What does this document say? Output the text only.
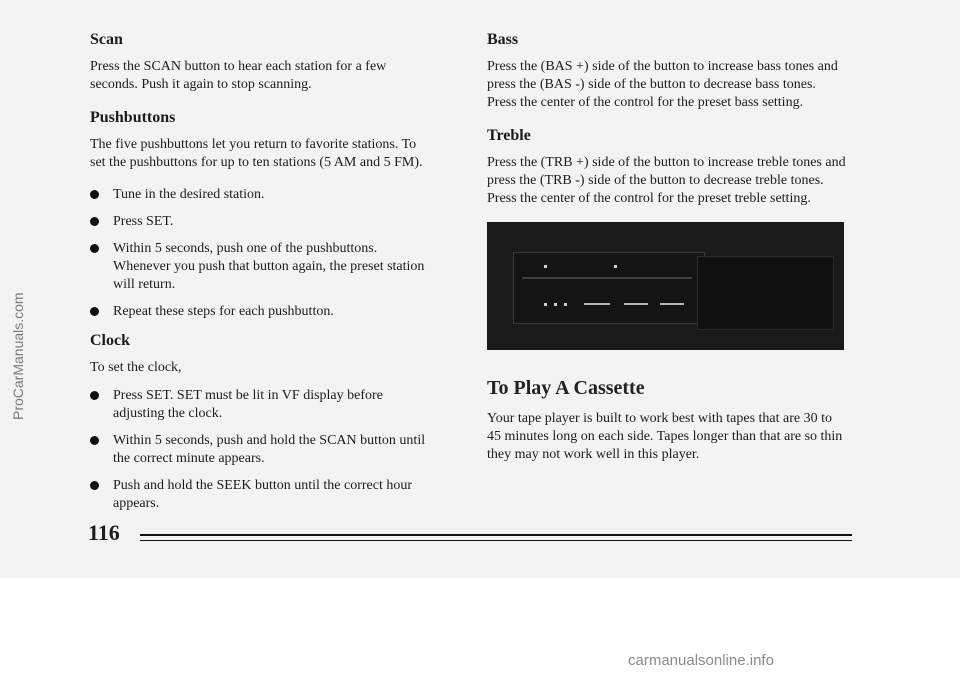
Scan

Press the SCAN button to hear each station for a few seconds. Push it again to stop scanning.

Pushbuttons

The five pushbuttons let you return to favorite stations. To set the pushbuttons for up to ten stations (5 AM and 5 FM).

Tune in the desired station.
Press SET.
Within 5 seconds, push one of the pushbuttons. Whenever you push that button again, the preset station will return.
Repeat these steps for each pushbutton.
Clock

To set the clock,

Press SET. SET must be lit in VF display before adjusting the clock.
Within 5 seconds, push and hold the SCAN button until the correct minute appears.
Push and hold the SEEK button until the correct hour appears.
Bass

Press the (BAS +) side of the button to increase bass tones and press the (BAS -) side of the button to decrease bass tones. Press the center of the control for the preset bass setting.

Treble

Press the (TRB +) side of the button to increase treble tones and press the (TRB -) side of the button to decrease treble tones. Press the center of the control for the preset treble setting.

To Play A Cassette

Your tape player is built to work best with tapes that are 30 to 45 minutes long on each side. Tapes longer than that are so thin they may not work well in this player.

116
ProCarManuals.com
carmanualsonline.info
